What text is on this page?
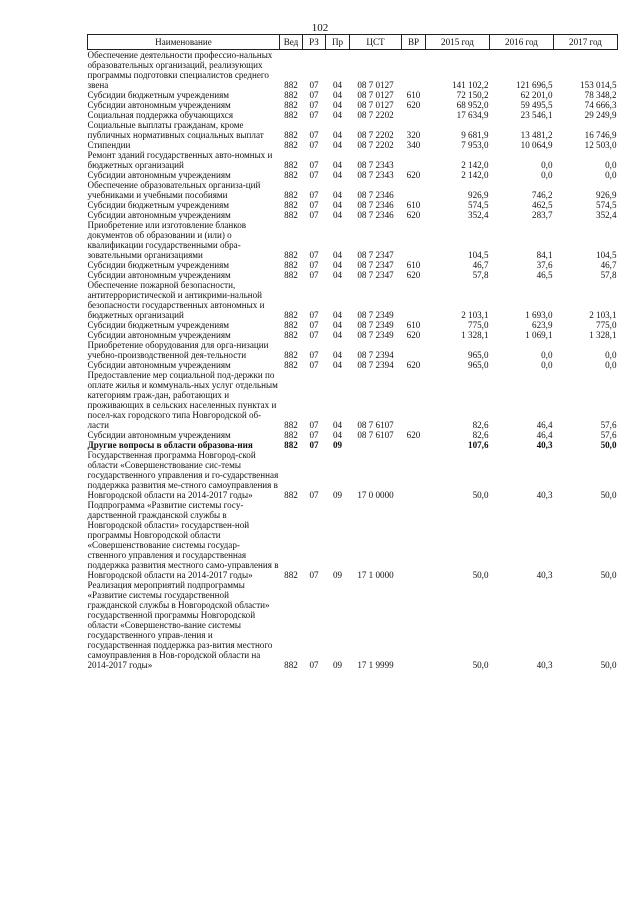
102
Наименование	Вед	РЗ	Пр	ЦСТ	ВР	2015 год	2016 год	2017 год
Обеспечение деятельности профессио-нальных образовательных организаций, реализующих программы подготовки специалистов среднего звена	882	07	04	08 7 0127		141 102,2	121 696,5	153 014,5
Субсидии бюджетным учреждениям	882	07	04	08 7 0127	610	72 150,2	62 201,0	78 348,2
Субсидии автономным учреждениям	882	07	04	08 7 0127	620	68 952,0	59 495,5	74 666,3
Социальная поддержка обучающихся	882	07	04	08 7 2202		17 634,9	23 546,1	29 249,9
Социальные выплаты гражданам, кроме публичных нормативных социальных выплат	882	07	04	08 7 2202	320	9 681,9	13 481,2	16 746,9
Стипендии	882	07	04	08 7 2202	340	7 953,0	10 064,9	12 503,0
Ремонт зданий государственных авто-номных и бюджетных организаций	882	07	04	08 7 2343		2 142,0	0,0	0,0
Субсидии автономным учреждениям	882	07	04	08 7 2343	620	2 142,0	0,0	0,0
Обеспечение образовательных организа-ций учебниками и учебными пособиями	882	07	04	08 7 2346		926,9	746,2	926,9
Субсидии бюджетным учреждениям	882	07	04	08 7 2346	610	574,5	462,5	574,5
Субсидии автономным учреждениям	882	07	04	08 7 2346	620	352,4	283,7	352,4
Приобретение или изготовление бланков документов об образовании и (или) о квалификации государственными обра-зовательными организациями	882	07	04	08 7 2347		104,5	84,1	104,5
Субсидии бюджетным учреждениям	882	07	04	08 7 2347	610	46,7	37,6	46,7
Субсидии автономным учреждениям	882	07	04	08 7 2347	620	57,8	46,5	57,8
Обеспечение пожарной безопасности, антитеррористической и антикрими-нальной безопасности государственных автономных и бюджетных организаций	882	07	04	08 7 2349		2 103,1	1 693,0	2 103,1
Субсидии бюджетным учреждениям	882	07	04	08 7 2349	610	775,0	623,9	775,0
Субсидии автономным учреждениям	882	07	04	08 7 2349	620	1 328,1	1 069,1	1 328,1
Приобретение оборудования для орга-низации учебно-производственной дея-тельности	882	07	04	08 7 2394		965,0	0,0	0,0
Субсидии автономным учреждениям	882	07	04	08 7 2394	620	965,0	0,0	0,0
Предоставление мер социальной под-держки по оплате жилья и коммуналь-ных услуг отдельным категориям граж-дан, работающих и проживающих в сельских населенных пунктах и посел-ках городского типа Новгородской об-ласти	882	07	04	08 7 6107		82,6	46,4	57,6
Субсидии автономным учреждениям	882	07	04	08 7 6107	620	82,6	46,4	57,6
Другие вопросы в области образова-ния	882	07	09			107,6	40,3	50,0
Государственная программа Новгород-ской области «Совершенствование сис-темы государственного управления и го-сударственная поддержка развития ме-стного самоуправления в Новгородской области на 2014-2017 годы»	882	07	09	17 0 0000		50,0	40,3	50,0
Подпрограмма «Развитие системы госу-дарственной гражданской службы в Новгородской области» государствен-ной программы Новгородской области «Совершенствование системы государ-ственного управления и государственная поддержка развития местного само-управления в Новгородской области на 2014-2017 годы»	882	07	09	17 1 0000		50,0	40,3	50,0
Реализация мероприятий подпрограммы «Развитие системы государственной гражданской службы в Новгородской области» государственной программы Новгородской области «Совершенство-вание системы государственного управ-ления и государственная поддержка раз-вития местного самоуправления в Нов-городской области на 2014-2017 годы»	882	07	09	17 1 9999		50,0	40,3	50,0
